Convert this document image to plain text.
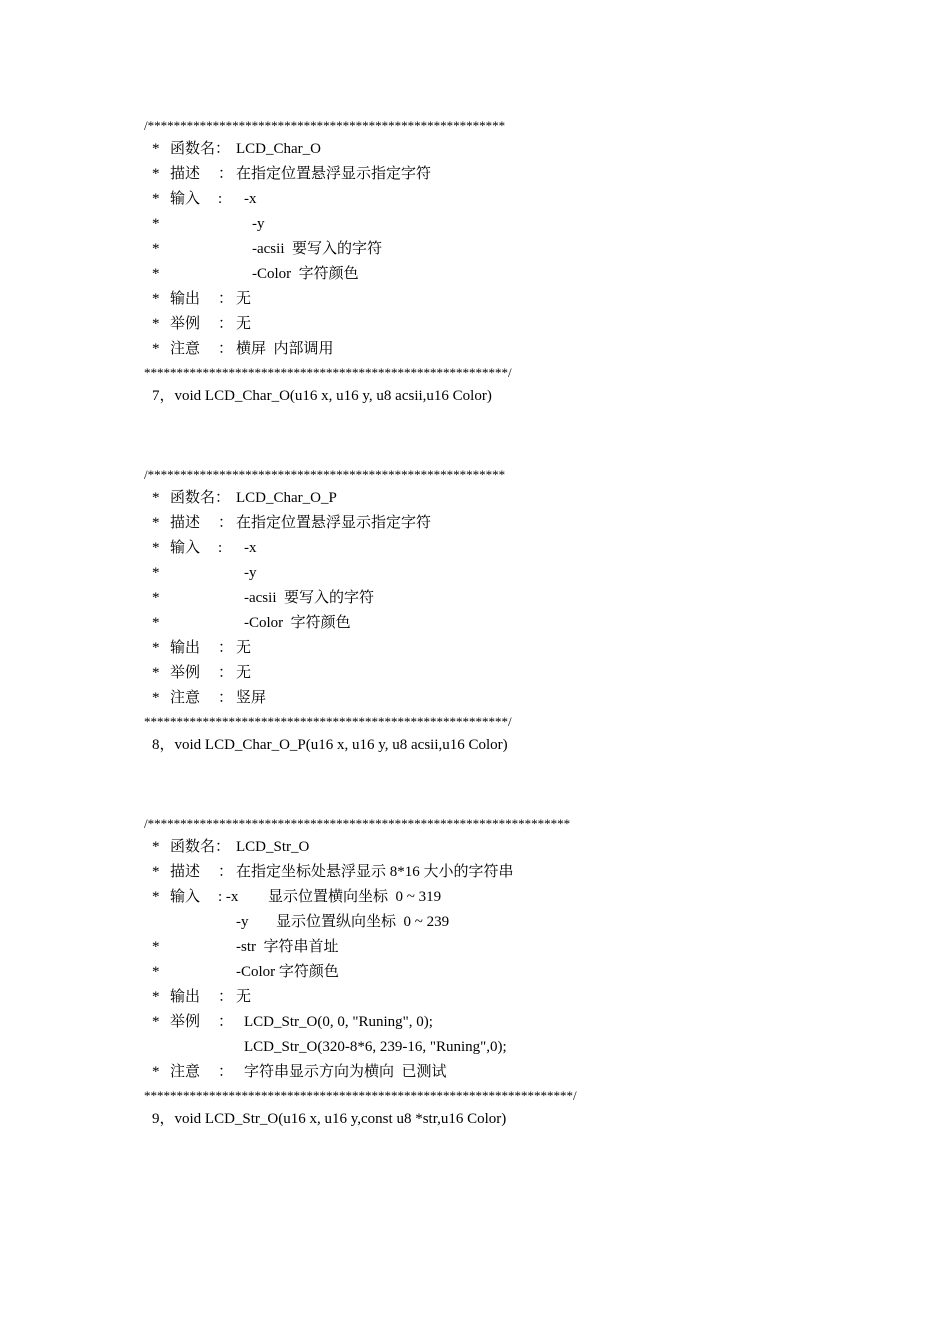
/*******************************************************
* 函数名： LCD_Char_O
* 描述 ： 在指定位置悬浮显示指定字符
* 输入 : -x
*	-y
*	-acsii  要写入的字符
*	-Color  字符颜色
* 输出 ： 无
* 举例 ： 无
* 注意 ： 横屏  内部调用
********************************************************/
7，void LCD_Char_O(u16 x, u16 y, u8 acsii,u16 Color)
/*******************************************************
* 函数名： LCD_Char_O_P
* 描述 ： 在指定位置悬浮显示指定字符
* 输入 : -x
*	-y
*	-acsii  要写入的字符
*	-Color  字符颜色
* 输出 ： 无
* 举例 ： 无
* 注意 ： 竖屏
********************************************************/
8，void LCD_Char_O_P(u16 x, u16 y, u8 acsii,u16 Color)
/*****************************************************************
* 函数名： LCD_Str_O
* 描述 ： 在指定坐标处悬浮显示 8*16 大小的字符串
* 输入 : -x 显示位置横向坐标  0 ~ 319
-y 显示位置纵向坐标  0 ~ 239
*	-str  字符串首址
*	-Color 字符颜色
* 输出 ： 无
* 举例 ： LCD_Str_O(0, 0, "Runing", 0);
LCD_Str_O(320-8*6, 239-16, "Runing",0);
* 注意 ： 字符串显示方向为横向  已测试
******************************************************************/
9，void LCD_Str_O(u16 x, u16 y,const u8 *str,u16 Color)
